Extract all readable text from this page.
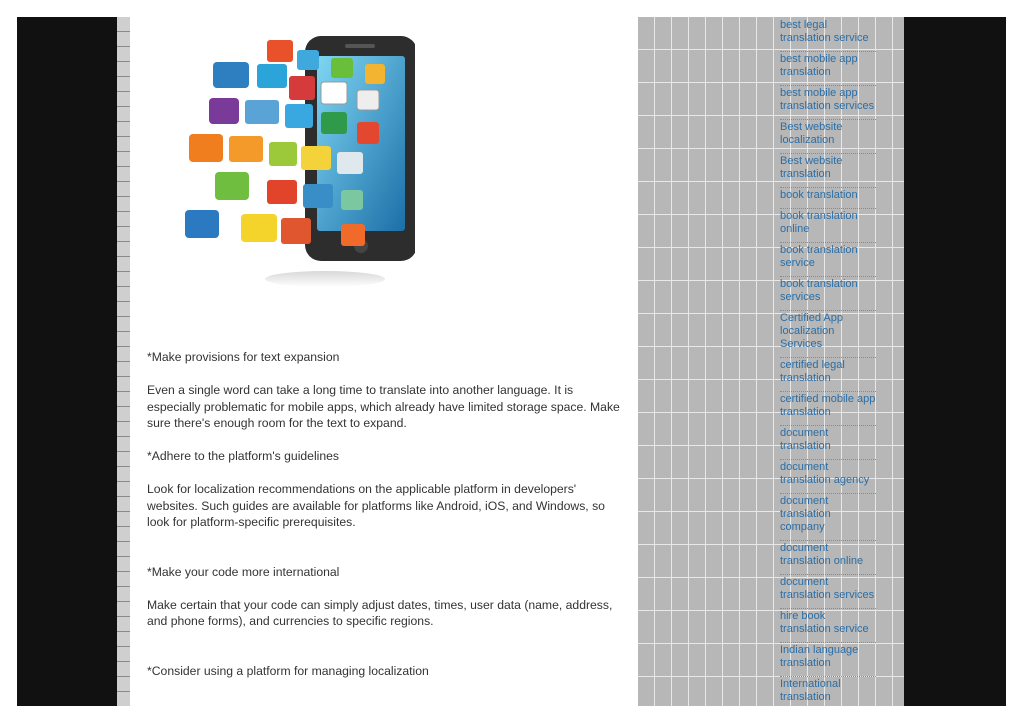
*Make provisions for text expansion

Even a single word can take a long time to translate into another language. It is especially problematic for mobile apps, which already have limited storage space. Make sure there's enough room for the text to expand.

*Adhere to the platform's guidelines

Look for localization recommendations on the applicable platform in developers' websites. Such guides are available for platforms like Android, iOS, and Windows, so look for platform-specific prerequisites.

*Make your code more international

Make certain that your code can simply adjust dates, times, user data (name, address, and phone forms), and currencies to specific regions.

*Consider using a platform for managing localization

best legal translation service
best mobile app translation
best mobile app translation services
Best website localization
Best website translation
book translation
book translation online
book translation service
book translation services
Certified App localization Services
certified legal translation
certified mobile app translation
document translation
document translation agency
document translation company
document translation online
document translation services
hire book translation service
Indian language translation
International translation
